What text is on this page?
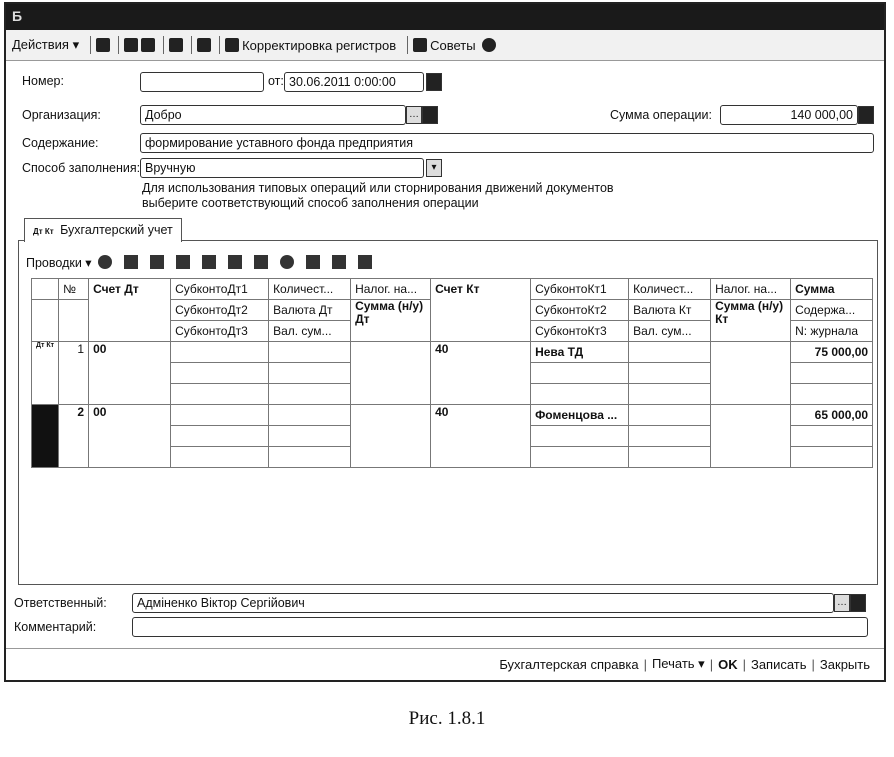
Б
Действия ▾	Корректировка регистров	Советы
Номер:	от: 30.06.2011 0:00:00
Организация:	Добро	…	Сумма операции:	140 000,00
Содержание:	формирование уставного фонда предприятия
Способ заполнения: Вручную	▾
Для использования типовых операций или сторнирования движений документов
выберите соответствующий способ заполнения операции
Дт Кт Бухгалтерский учет
Проводки ▾
	№	Счет Дт	СубконтоДт1	Количест...	Налог. на...	Счет Кт	СубконтоКт1	Количест...	Налог. на...	Сумма
			СубконтоДт2	Валюта Дт	Сумма (н/у) Дт		СубконтоКт2	Валюта Кт	Сумма (н/у) Кт	Содержа...
			СубконтоДт3	Вал. сум...			СубконтоКт3	Вал. сум...		N: журнала
Дт Кт	1	00				40	Нева ТД			75 000,00

	2	00				40	Фоменцова ...			65 000,00

Ответственный:	Адміненко Віктор Сергійович	…
Комментарий:
Бухгалтерская справка | Печать ▾ | OK | Записать | Закрыть
Рис. 1.8.1
